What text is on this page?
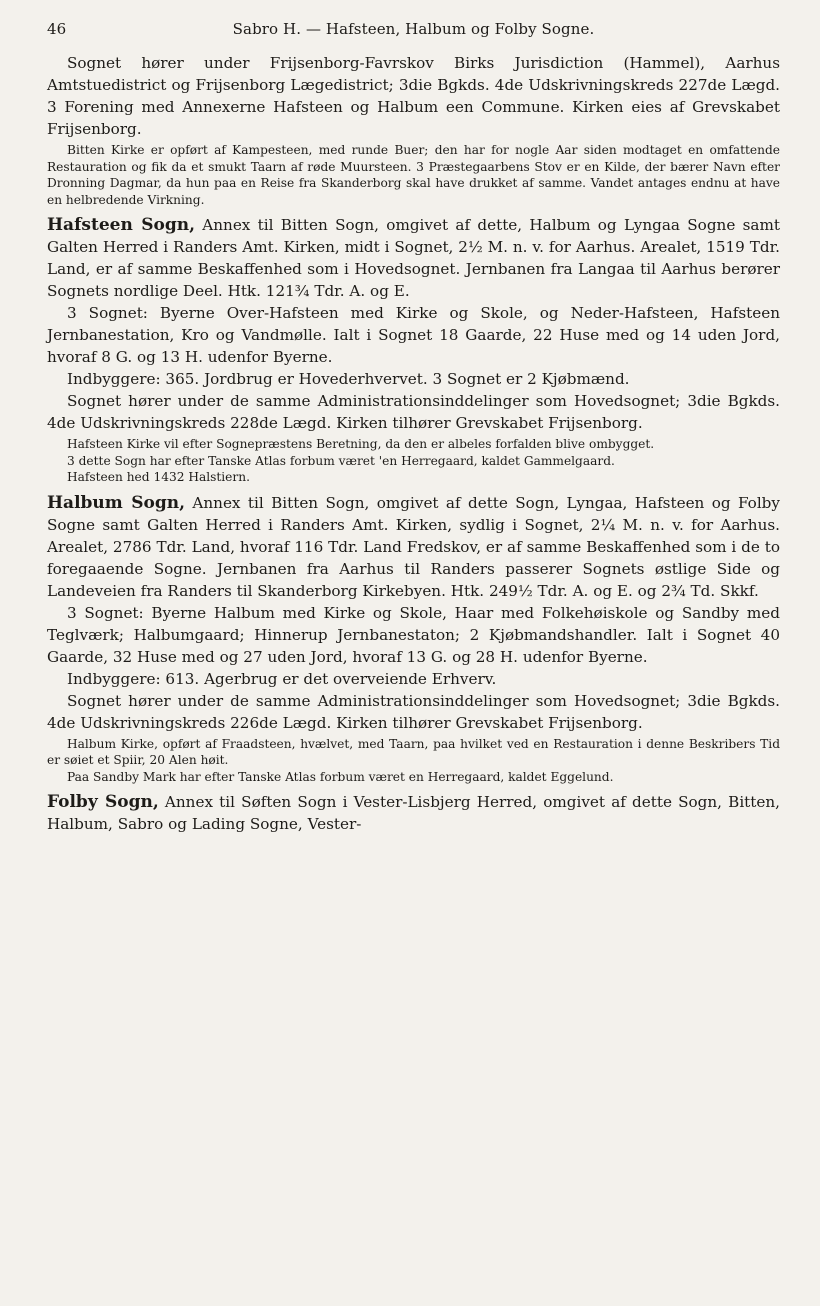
46	Sabro H. — Hafsteen, Halbum og Folby Sogne.

Sognet hører under Frijsenborg-Favrskov Birks Jurisdiction (Hammel), Aarhus Amtstuedistrict og Frijsenborg Lægedistrict; 3die Bgkds. 4de Udskrivningskreds 227de Lægd. 3 Forening med Annexerne Hafsteen og Halbum een Commune. Kirken eies af Grevskabet Frijsenborg.

Bitten Kirke er opført af Kampesteen, med runde Buer; den har for nogle Aar siden modtaget en omfattende Restauration og fik da et smukt Taarn af røde Muursteen. 3 Præstegaarbens Stov er en Kilde, der bærer Navn efter Dronning Dagmar, da hun paa en Reise fra Skanderborg skal have drukket af samme. Vandet antages endnu at have en helbredende Virkning.

Hafsteen Sogn, Annex til Bitten Sogn, omgivet af dette, Halbum og Lyngaa Sogne samt Galten Herred i Randers Amt. Kirken, midt i Sognet, 2½ M. n. v. for Aarhus. Arealet, 1519 Tdr. Land, er af samme Beskaffenhed som i Hovedsognet. Jernbanen fra Langaa til Aarhus berører Sognets nordlige Deel. Htk. 121¾ Tdr. A. og E.

3 Sognet: Byerne Over-Hafsteen med Kirke og Skole, og Neder-Hafsteen, Hafsteen Jernbanestation, Kro og Vandmølle. Ialt i Sognet 18 Gaarde, 22 Huse med og 14 uden Jord, hvoraf 8 G. og 13 H. udenfor Byerne.

Indbyggere: 365. Jordbrug er Hovederhvervet. 3 Sognet er 2 Kjøbmænd.

Sognet hører under de samme Administrationsinddelinger som Hovedsognet; 3die Bgkds. 4de Udskrivningskreds 228de Lægd. Kirken tilhører Grevskabet Frijsenborg.

Hafsteen Kirke vil efter Sognepræstens Beretning, da den er albeles forfalden blive ombygget.

3 dette Sogn har efter Tanske Atlas forbum været 'en Herregaard, kaldet Gammelgaard.

Hafsteen hed 1432 Halstiern.

Halbum Sogn, Annex til Bitten Sogn, omgivet af dette Sogn, Lyngaa, Hafsteen og Folby Sogne samt Galten Herred i Randers Amt. Kirken, sydlig i Sognet, 2¼ M. n. v. for Aarhus. Arealet, 2786 Tdr. Land, hvoraf 116 Tdr. Land Fredskov, er af samme Beskaffenhed som i de to foregaaende Sogne. Jernbanen fra Aarhus til Randers passerer Sognets østlige Side og Landeveien fra Randers til Skanderborg Kirkebyen. Htk. 249½ Tdr. A. og E. og 2¾ Td. Skkf.

3 Sognet: Byerne Halbum med Kirke og Skole, Haar med Folkehøiskole og Sandby med Teglværk; Halbumgaard; Hinnerup Jernbanestaton; 2 Kjøbmandshandler. Ialt i Sognet 40 Gaarde, 32 Huse med og 27 uden Jord, hvoraf 13 G. og 28 H. udenfor Byerne.

Indbyggere: 613. Agerbrug er det overveiende Erhverv.

Sognet hører under de samme Administrationsinddelinger som Hovedsognet; 3die Bgkds. 4de Udskrivningskreds 226de Lægd. Kirken tilhører Grevskabet Frijsenborg.

Halbum Kirke, opført af Fraadsteen, hvælvet, med Taarn, paa hvilket ved en Restauration i denne Beskribers Tid er søiet et Spiir, 20 Alen høit.

Paa Sandby Mark har efter Tanske Atlas forbum været en Herregaard, kaldet Eggelund.

Folby Sogn, Annex til Søften Sogn i Vester-Lisbjerg Herred, omgivet af dette Sogn, Bitten, Halbum, Sabro og Lading Sogne, Vester-
